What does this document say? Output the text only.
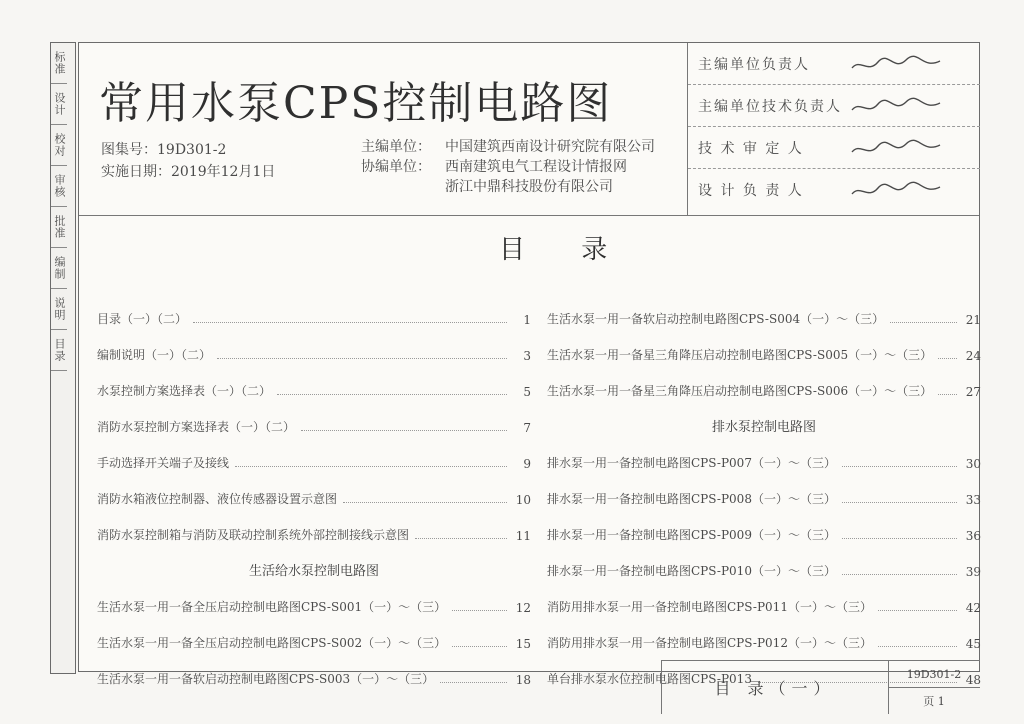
标准
设计
校对
审核
批准
编制
说明
目录
常用水泵CPS控制电路图
图集号：19D301-2
实施日期：2019年12月1日
主编单位： 中国建筑西南设计研究院有限公司
协编单位： 西南建筑电气工程设计情报网
浙江中鼎科技股份有限公司
主编单位负责人
主编单位技术负责人
技 术 审 定 人
设 计 负 责 人
目 录
目录（一）（二）	1
编制说明（一）（二）	3
水泵控制方案选择表（一）（二）	5
消防水泵控制方案选择表（一）（二）	7
手动选择开关端子及接线	9
消防水箱液位控制器、液位传感器设置示意图	10
消防水泵控制箱与消防及联动控制系统外部控制接线示意图	11
生活给水泵控制电路图
生活水泵一用一备全压启动控制电路图CPS-S001（一）～（三）	12
生活水泵一用一备全压启动控制电路图CPS-S002（一）～（三）	15
生活水泵一用一备软启动控制电路图CPS-S003（一）～（三）	18
生活水泵一用一备软启动控制电路图CPS-S004（一）～（三）	21
生活水泵一用一备星三角降压启动控制电路图CPS-S005（一）～（三）	24
生活水泵一用一备星三角降压启动控制电路图CPS-S006（一）～（三）	27
排水泵控制电路图
排水泵一用一备控制电路图CPS-P007（一）～（三）	30
排水泵一用一备控制电路图CPS-P008（一）～（三）	33
排水泵一用一备控制电路图CPS-P009（一）～（三）	36
排水泵一用一备控制电路图CPS-P010（一）～（三）	39
消防用排水泵一用一备控制电路图CPS-P011（一）～（三）	42
消防用排水泵一用一备控制电路图CPS-P012（一）～（三）	45
单台排水泵水位控制电路图CPS-P013	48
目 录（一）
19D301-2
页 1
